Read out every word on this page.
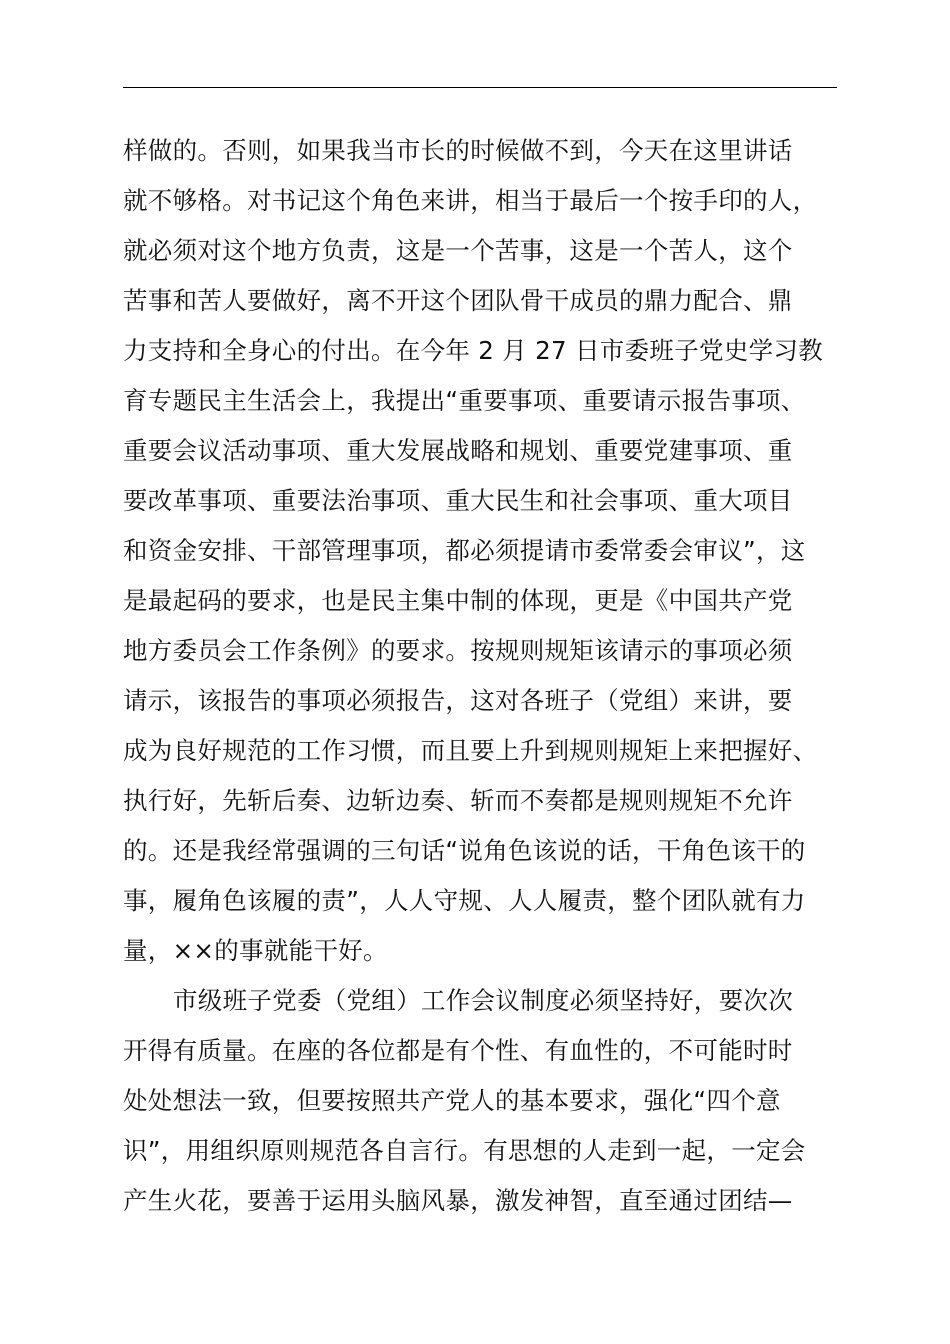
样做的。否则，如果我当市长的时候做不到，今天在这里讲话
就不够格。对书记这个角色来讲，相当于最后一个按手印的人，
就必须对这个地方负责，这是一个苦事，这是一个苦人，这个
苦事和苦人要做好，离不开这个团队骨干成员的鼎力配合、鼎
力支持和全身心的付出。在今年 2 月 27 日市委班子党史学习教
育专题民主生活会上，我提出“重要事项、重要请示报告事项、
重要会议活动事项、重大发展战略和规划、重要党建事项、重
要改革事项、重要法治事项、重大民生和社会事项、重大项目
和资金安排、干部管理事项，都必须提请市委常委会审议”，这
是最起码的要求，也是民主集中制的体现，更是《中国共产党
地方委员会工作条例》的要求。按规则规矩该请示的事项必须
请示，该报告的事项必须报告，这对各班子（党组）来讲，要
成为良好规范的工作习惯，而且要上升到规则规矩上来把握好、
执行好，先斩后奏、边斩边奏、斩而不奏都是规则规矩不允许
的。还是我经常强调的三句话“说角色该说的话，干角色该干的
事，履角色该履的责”，人人守规、人人履责，整个团队就有力
量，××的事就能干好。
市级班子党委（党组）工作会议制度必须坚持好，要次次
开得有质量。在座的各位都是有个性、有血性的，不可能时时
处处想法一致，但要按照共产党人的基本要求，强化“四个意
识”，用组织原则规范各自言行。有思想的人走到一起，一定会
产生火花，要善于运用头脑风暴，激发神智，直至通过团结—
